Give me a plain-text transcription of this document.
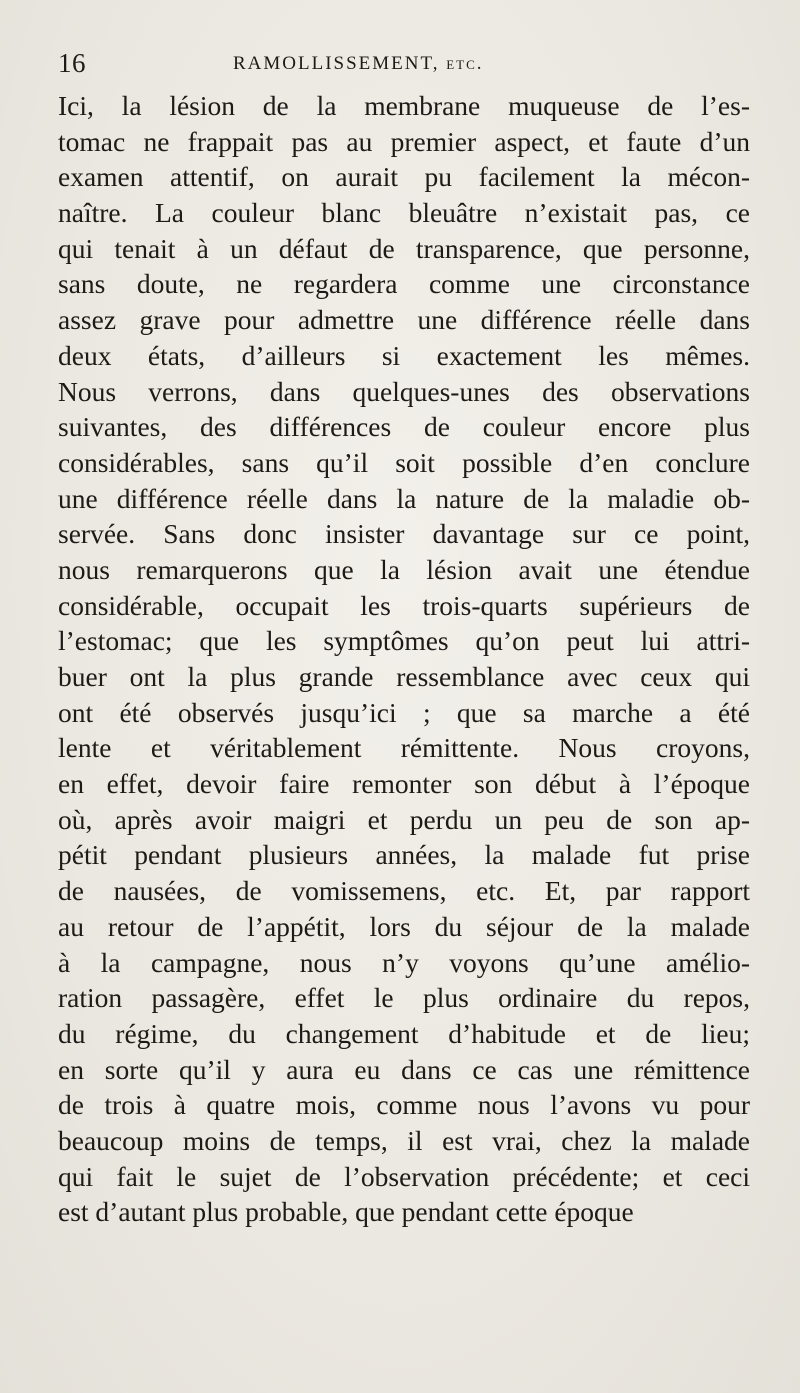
16	RAMOLLISSEMENT, etc.
Ici, la lésion de la membrane muqueuse de l’es-
tomac ne frappait pas au premier aspect, et faute d’un
examen attentif, on aurait pu facilement la mécon-
naître. La couleur blanc bleuâtre n’existait pas, ce
qui tenait à un défaut de transparence, que personne,
sans doute, ne regardera comme une circonstance
assez grave pour admettre une différence réelle dans
deux états, d’ailleurs si exactement les mêmes.
Nous verrons, dans quelques-unes des observations
suivantes, des différences de couleur encore plus
considérables, sans qu’il soit possible d’en conclure
une différence réelle dans la nature de la maladie ob-
servée. Sans donc insister davantage sur ce point,
nous remarquerons que la lésion avait une étendue
considérable, occupait les trois-quarts supérieurs de
l’estomac; que les symptômes qu’on peut lui attri-
buer ont la plus grande ressemblance avec ceux qui
ont été observés jusqu’ici ; que sa marche a été
lente et véritablement rémittente. Nous croyons,
en effet, devoir faire remonter son début à l’époque
où, après avoir maigri et perdu un peu de son ap-
pétit pendant plusieurs années, la malade fut prise
de nausées, de vomissemens, etc. Et, par rapport
au retour de l’appétit, lors du séjour de la malade
à la campagne, nous n’y voyons qu’une amélio-
ration passagère, effet le plus ordinaire du repos,
du régime, du changement d’habitude et de lieu;
en sorte qu’il y aura eu dans ce cas une rémittence
de trois à quatre mois, comme nous l’avons vu pour
beaucoup moins de temps, il est vrai, chez la malade
qui fait le sujet de l’observation précédente; et ceci
est d’autant plus probable, que pendant cette époque
